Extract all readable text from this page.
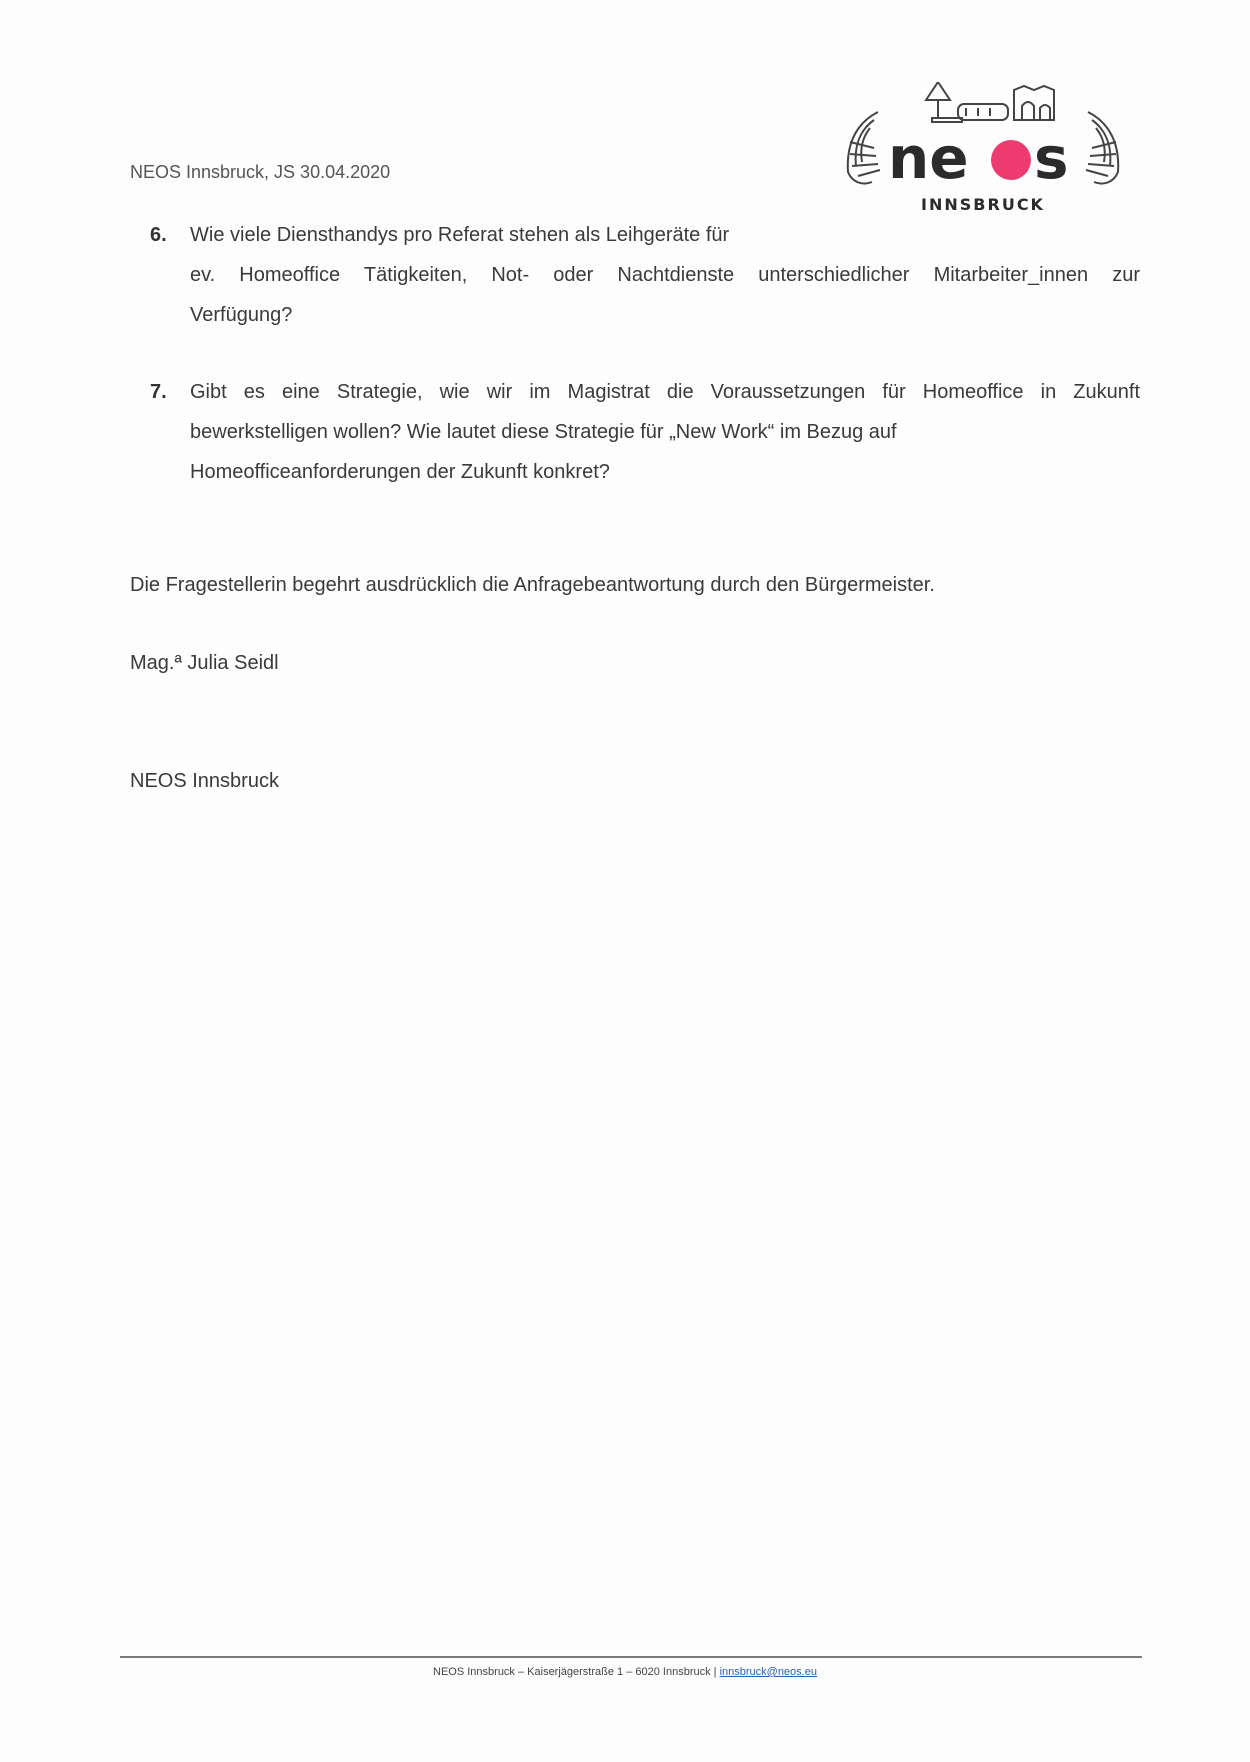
NEOS Innsbruck, JS 30.04.2020	ne s
INNSBRUCK
6. Wie viele Diensthandys pro Referat stehen als Leihgeräte für
ev. Homeoffice Tätigkeiten, Not- oder Nachtdienste unterschiedlicher Mitarbeiter_innen zur
Verfügung?
7. Gibt es eine Strategie, wie wir im Magistrat die Voraussetzungen für Homeoffice in Zukunft
bewerkstelligen wollen? Wie lautet diese Strategie für „New Work“ im Bezug auf
Homeofficeanforderungen der Zukunft konkret?
Die Fragestellerin begehrt ausdrücklich die Anfragebeantwortung durch den Bürgermeister.
Mag.ª Julia Seidl
NEOS Innsbruck
NEOS Innsbruck – Kaiserjägerstraße 1 – 6020 Innsbruck | innsbruck@neos.eu
